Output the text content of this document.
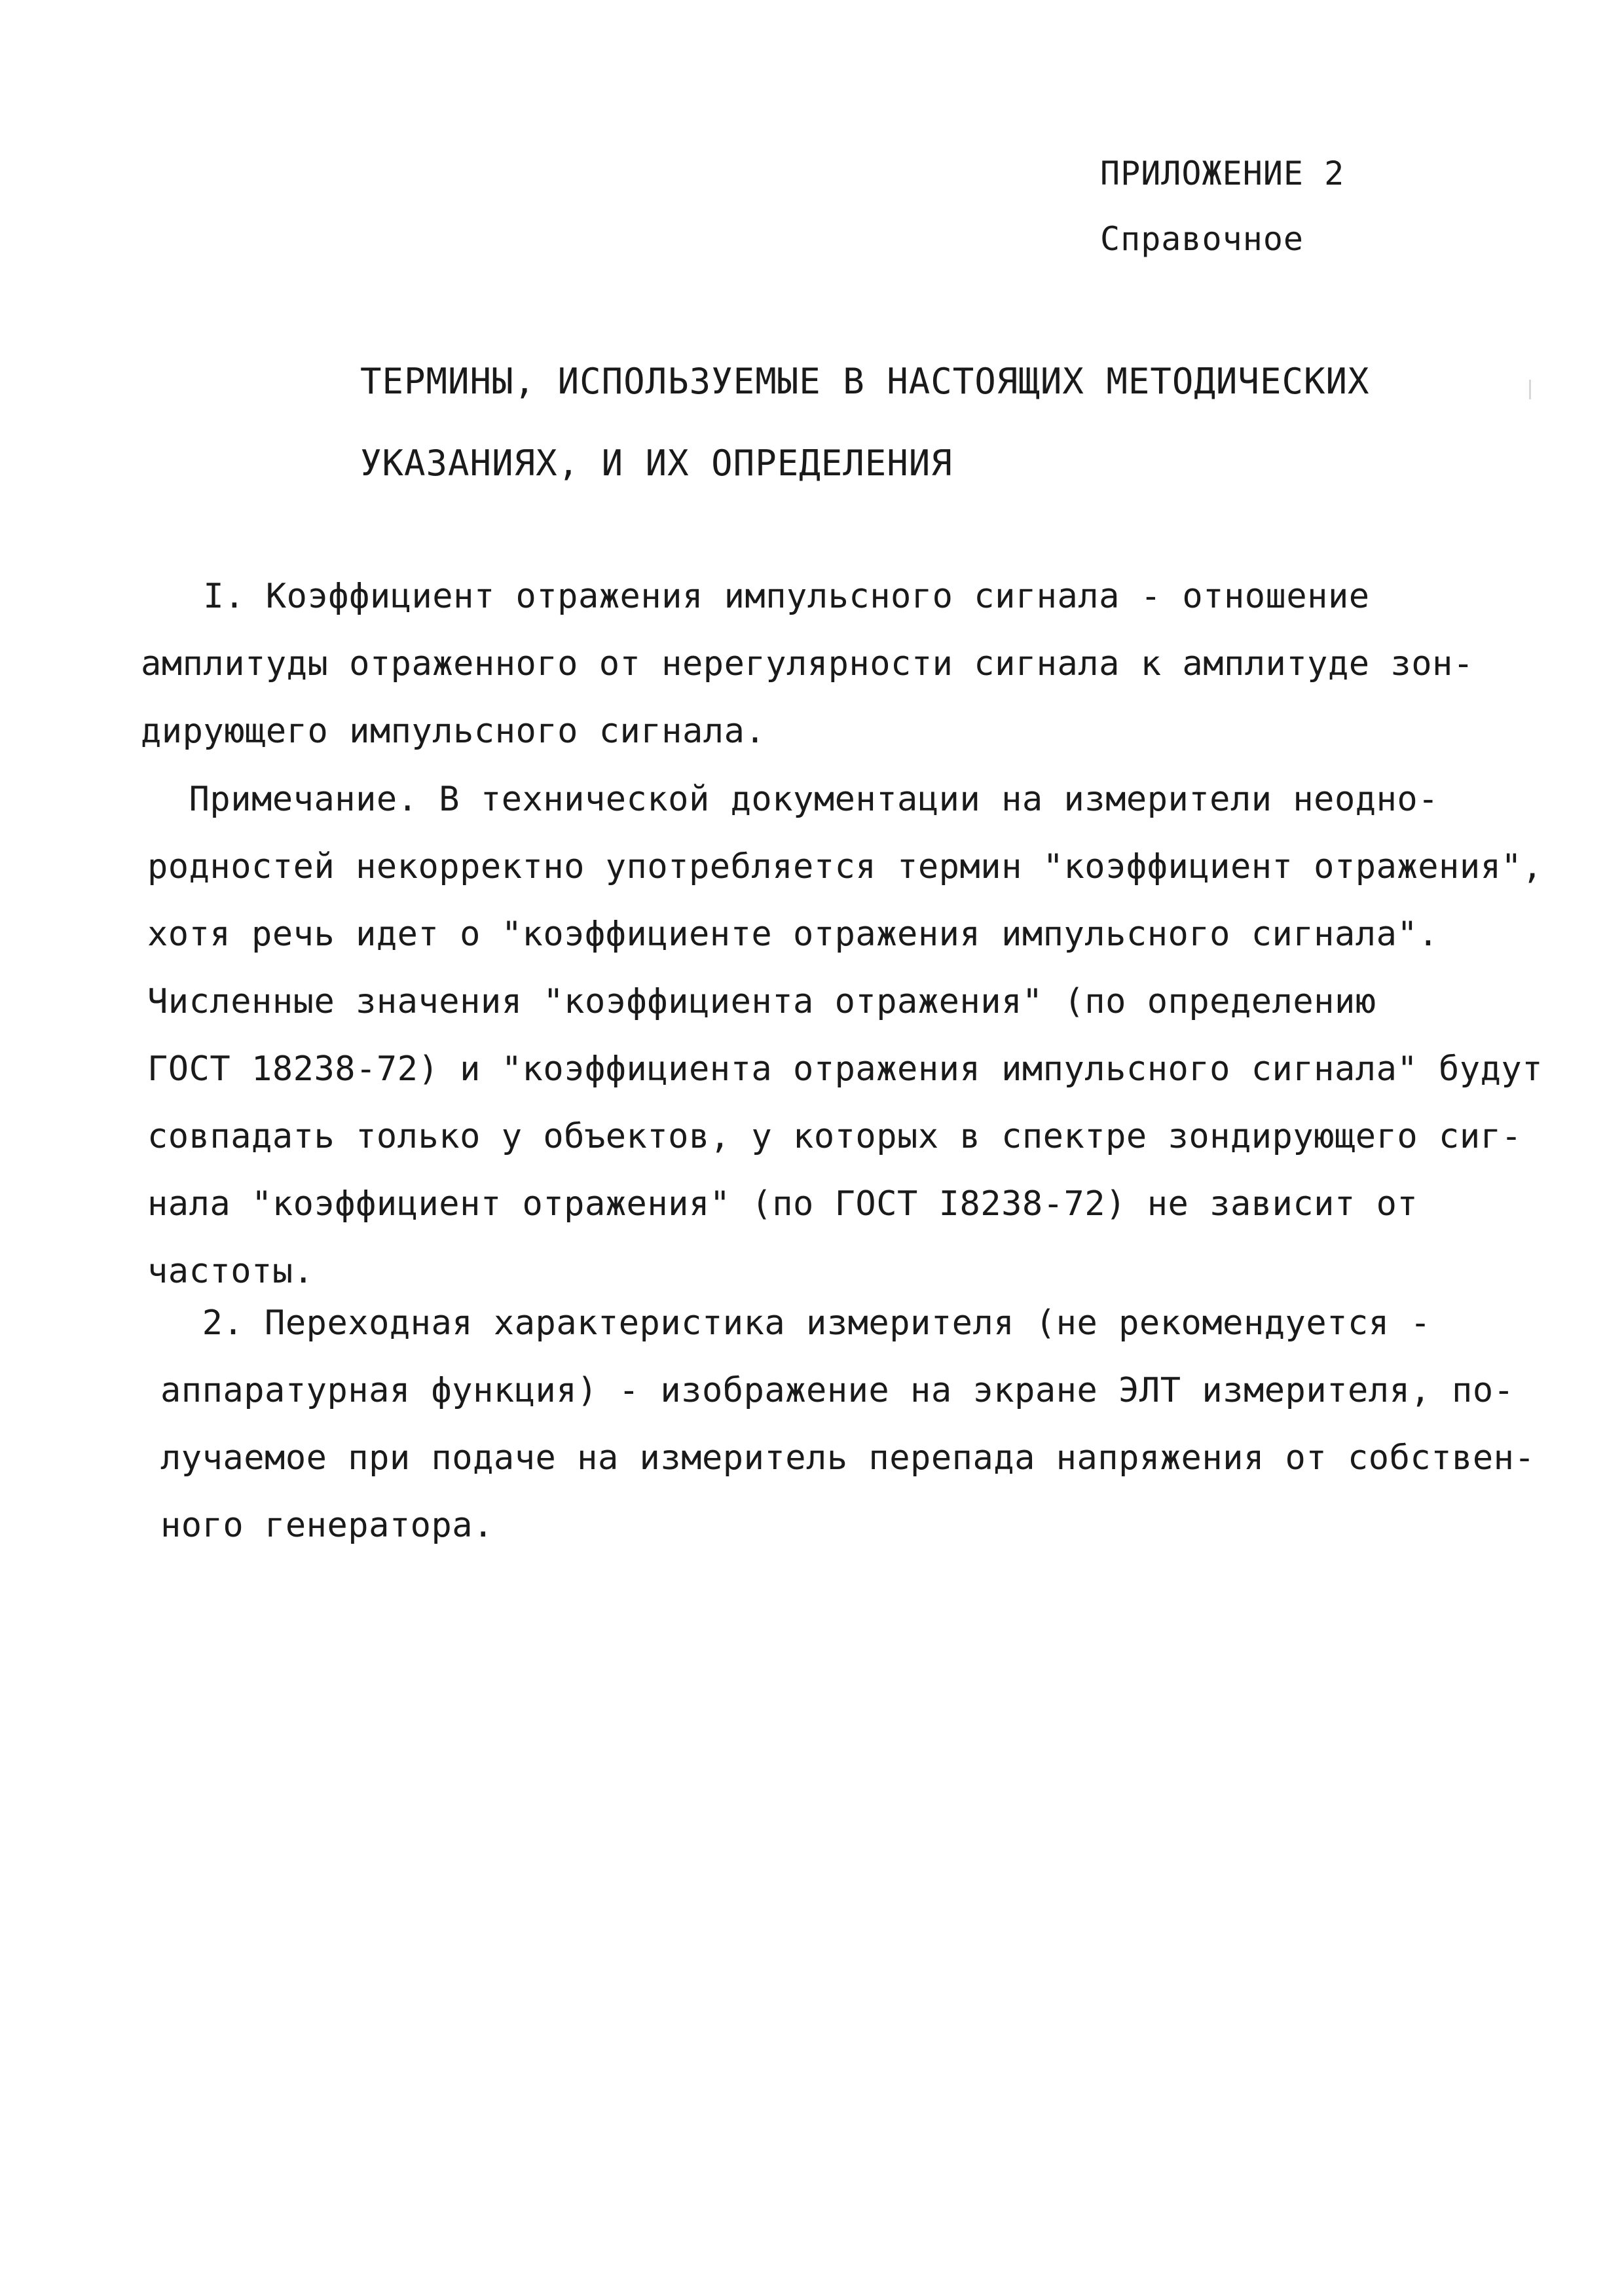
ПРИЛОЖЕНИЕ 2
Справочное
ТЕРМИНЫ, ИСПОЛЬЗУЕМЫЕ В НАСТОЯЩИХ МЕТОДИЧЕСКИХ
УКАЗАНИЯХ, И ИХ ОПРЕДЕЛЕНИЯ
I. Коэффициент отражения импульсного сигнала - отношение
амплитуды отраженного от нерегулярности сигнала к амплитуде зон-
дирующего импульсного сигнала.
Примечание. В технической документации на измерители неодно-
родностей некорректно употребляется термин "коэффициент отражения",
хотя речь идет о "коэффициенте отражения импульсного сигнала".
Численные значения "коэффициента отражения" (по определению
ГОСТ 18238-72) и "коэффициента отражения импульсного сигнала" будут
совпадать только у объектов, у которых в спектре зондирующего сиг-
нала "коэффициент отражения" (по ГОСТ I8238-72) не зависит от
частоты.
2. Переходная характеристика измерителя (не рекомендуется -
аппаратурная функция) - изображение на экране ЭЛТ измерителя, по-
лучаемое при подаче на измеритель перепада напряжения от собствен-
ного генератора.
